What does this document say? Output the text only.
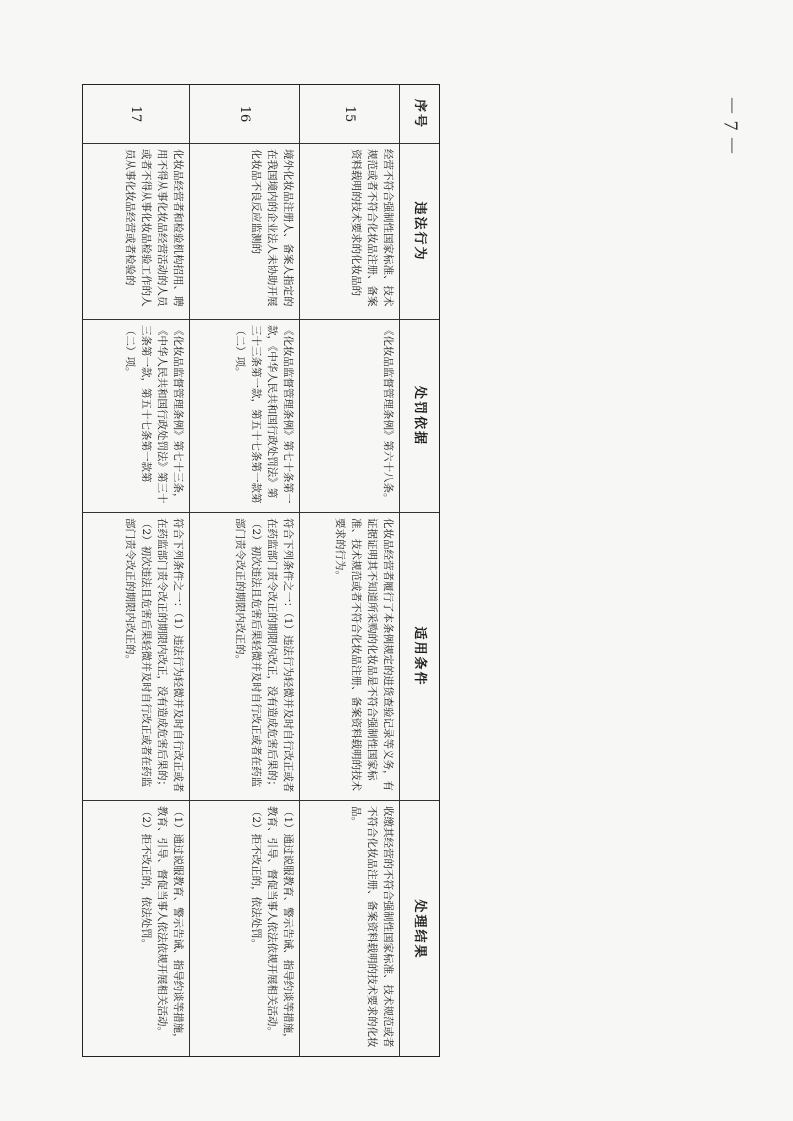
－ 7 －
序号
违法行为
处罚依据
适用条件
处理结果
15
经营不符合强制性国家标准、技术规范或者不符合化妆品注册、备案资料载明的技术要求的化妆品的
《化妆品监督管理条例》第六十八条。
化妆品经营者履行了本条例规定的进货查验记录等义务，有证据证明其不知道所采购的化妆品是不符合强制性国家标准、技术规范或者不符合化妆品注册、备案资料载明的技术要求的行为。
收缴其经营的不符合强制性国家标准、技术规范或者不符合化妆品注册、备案资料载明的技术要求的化妆品。
16
境外化妆品注册人、备案人指定的在我国境内的企业法人未协助开展化妆品不良反应监测的
《化妆品监督管理条例》第七十条第一款，《中华人民共和国行政处罚法》第三十三条第一款，第五十七条第一款第（二）项。
符合下列条件之一：（1）违法行为轻微并及时自行改正或者在药监部门责令改正的期限内改正，没有造成危害后果的；（2）初次违法且危害后果轻微并及时自行改正或者在药监部门责令改正的期限内改正的。
（1）通过说服教育、警示告诫、指导约谈等措施，教育、引导、督促当事人依法依规开展相关活动。
（2）拒不改正的，依法处罚。
17
化妆品经营者和检验机构招用、聘用不得从事化妆品经营活动的人员或者不得从事化妆品检验工作的人员从事化妆品经营或者检验的
《化妆品监督管理条例》第七十三条，《中华人民共和国行政处罚法》第三十三条第一款，第五十七条第一款第（二）项。
符合下列条件之一：（1）违法行为轻微并及时自行改正或者在药监部门责令改正的期限内改正，没有造成危害后果的；（2）初次违法且危害后果轻微并及时自行改正或者在药监部门责令改正的期限内改正的。
（1）通过说服教育、警示告诫、指导约谈等措施，教育、引导、督促当事人依法依规开展相关活动。
（2）拒不改正的，依法处罚。
